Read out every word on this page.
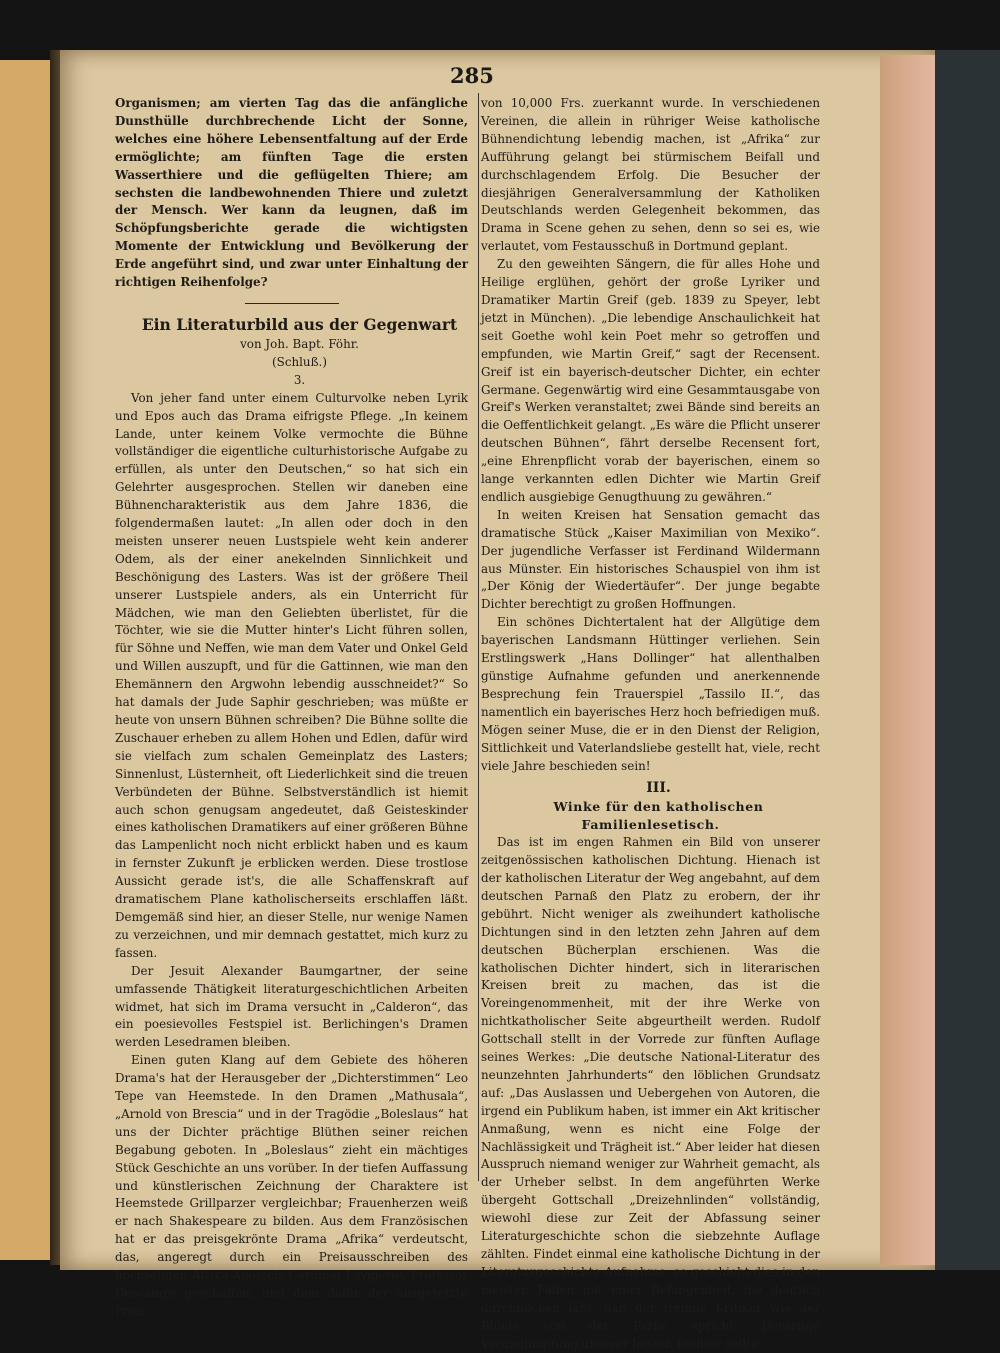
285

Organismen; am vierten Tag das die anfängliche Dunsthülle durchbrechende Licht der Sonne, welches eine höhere Lebensentfaltung auf der Erde ermöglichte; am fünften Tage die ersten Wasserthiere und die geflügelten Thiere; am sechsten die landbewohnenden Thiere und zuletzt der Mensch. Wer kann da leugnen, daß im Schöpfungsberichte gerade die wichtigsten Momente der Entwicklung und Bevölkerung der Erde angeführt sind, und zwar unter Einhaltung der richtigen Reihenfolge?

Ein Literaturbild aus der Gegenwart

von Joh. Bapt. Föhr.

(Schluß.)

3.

Von jeher fand unter einem Culturvolke neben Lyrik und Epos auch das Drama eifrigste Pflege. „In keinem Lande, unter keinem Volke vermochte die Bühne vollständiger die eigentliche culturhistorische Aufgabe zu erfüllen, als unter den Deutschen,“ so hat sich ein Gelehrter ausgesprochen. Stellen wir daneben eine Bühnencharakteristik aus dem Jahre 1836, die folgendermaßen lautet: „In allen oder doch in den meisten unserer neuen Lustspiele weht kein anderer Odem, als der einer anekelnden Sinnlichkeit und Beschönigung des Lasters. Was ist der größere Theil unserer Lustspiele anders, als ein Unterricht für Mädchen, wie man den Geliebten überlistet, für die Töchter, wie sie die Mutter hinter's Licht führen sollen, für Söhne und Neffen, wie man dem Vater und Onkel Geld und Willen auszupft, und für die Gattinnen, wie man den Ehemännern den Argwohn lebendig ausschneidet?“ So hat damals der Jude Saphir geschrieben; was müßte er heute von unsern Bühnen schreiben? Die Bühne sollte die Zuschauer erheben zu allem Hohen und Edlen, dafür wird sie vielfach zum schalen Gemeinplatz des Lasters; Sinnenlust, Lüsternheit, oft Liederlichkeit sind die treuen Verbündeten der Bühne. Selbstverständlich ist hiemit auch schon genugsam angedeutet, daß Geisteskinder eines katholischen Dramatikers auf einer größeren Bühne das Lampenlicht noch nicht erblickt haben und es kaum in fernster Zukunft je erblicken werden. Diese trostlose Aussicht gerade ist's, die alle Schaffenskraft auf dramatischem Plane katholischerseits erschlaffen läßt. Demgemäß sind hier, an dieser Stelle, nur wenige Namen zu verzeichnen, und mir demnach gestattet, mich kurz zu fassen.

Der Jesuit Alexander Baumgartner, der seine umfassende Thätigkeit literaturgeschichtlichen Arbeiten widmet, hat sich im Drama versucht in „Calderon“, das ein poesievolles Festspiel ist. Berlichingen's Dramen werden Lesedramen bleiben.

Einen guten Klang auf dem Gebiete des höheren Drama's hat der Herausgeber der „Dichterstimmen“ Leo Tepe van Heemstede. In den Dramen „Mathusala“, „Arnold von Brescia“ und in der Tragödie „Boleslaus“ hat uns der Dichter prächtige Blüthen seiner reichen Begabung geboten. In „Boleslaus“ zieht ein mächtiges Stück Geschichte an uns vorüber. In der tiefen Auffassung und künstlerischen Zeichnung der Charaktere ist Heemstede Grillparzer vergleichbar; Frauenherzen weiß er nach Shakespeare zu bilden. Aus dem Französischen hat er das preisgekrönte Drama „Afrika“ verdeutscht, das, angeregt durch ein Preisausschreiben des hochseligen Afrika-Apostels Cardinal Lavigerie, Professor Descamps geschaffen, und dem dafür der ausgesetzte Preis

von 10,000 Frs. zuerkannt wurde. In verschiedenen Vereinen, die allein in rühriger Weise katholische Bühnendichtung lebendig machen, ist „Afrika“ zur Aufführung gelangt bei stürmischem Beifall und durchschlagendem Erfolg. Die Besucher der diesjährigen Generalversammlung der Katholiken Deutschlands werden Gelegenheit bekommen, das Drama in Scene gehen zu sehen, denn so sei es, wie verlautet, vom Festausschuß in Dortmund geplant.

Zu den geweihten Sängern, die für alles Hohe und Heilige erglühen, gehört der große Lyriker und Dramatiker Martin Greif (geb. 1839 zu Speyer, lebt jetzt in München). „Die lebendige Anschaulichkeit hat seit Goethe wohl kein Poet mehr so getroffen und empfunden, wie Martin Greif,“ sagt der Recensent. Greif ist ein bayerisch-deutscher Dichter, ein echter Germane. Gegenwärtig wird eine Gesammtausgabe von Greif's Werken veranstaltet; zwei Bände sind bereits an die Oeffentlichkeit gelangt. „Es wäre die Pflicht unserer deutschen Bühnen“, fährt derselbe Recensent fort, „eine Ehrenpflicht vorab der bayerischen, einem so lange verkannten edlen Dichter wie Martin Greif endlich ausgiebige Genugthuung zu gewähren.“

In weiten Kreisen hat Sensation gemacht das dramatische Stück „Kaiser Maximilian von Mexiko“. Der jugendliche Verfasser ist Ferdinand Wildermann aus Münster. Ein historisches Schauspiel von ihm ist „Der König der Wiedertäufer“. Der junge begabte Dichter berechtigt zu großen Hoffnungen.

Ein schönes Dichtertalent hat der Allgütige dem bayerischen Landsmann Hüttinger verliehen. Sein Erstlingswerk „Hans Dollinger“ hat allenthalben günstige Aufnahme gefunden und anerkennende Besprechung fein Trauerspiel „Tassilo II.“, das namentlich ein bayerisches Herz hoch befriedigen muß. Mögen seiner Muse, die er in den Dienst der Religion, Sittlichkeit und Vaterlandsliebe gestellt hat, viele, recht viele Jahre beschieden sein!

III.

Winke für den katholischen Familienlesetisch.

Das ist im engen Rahmen ein Bild von unserer zeitgenössischen katholischen Dichtung. Hienach ist der katholischen Literatur der Weg angebahnt, auf dem deutschen Parnaß den Platz zu erobern, der ihr gebührt. Nicht weniger als zweihundert katholische Dichtungen sind in den letzten zehn Jahren auf dem deutschen Bücherplan erschienen. Was die katholischen Dichter hindert, sich in literarischen Kreisen breit zu machen, das ist die Voreingenommenheit, mit der ihre Werke von nichtkatholischer Seite abgeurtheilt werden. Rudolf Gottschall stellt in der Vorrede zur fünften Auflage seines Werkes: „Die deutsche National-Literatur des neunzehnten Jahrhunderts“ den löblichen Grundsatz auf: „Das Auslassen und Uebergehen von Autoren, die irgend ein Publikum haben, ist immer ein Akt kritischer Anmaßung, wenn es nicht eine Folge der Nachlässigkeit und Trägheit ist.“ Aber leider hat diesen Ausspruch niemand weniger zur Wahrheit gemacht, als der Urheber selbst. In dem angeführten Werke übergeht Gottschall „Dreizehnlinden“ vollständig, wiewohl diese zur Zeit der Abfassung seiner Literaturgeschichte schon die siebzehnte Auflage zählten. Findet einmal eine katholische Dichtung in der Literaturgeschichte Aufnahme, so geschieht dies in den meisten Fällen mit einer Befangenheit, die deutlich durchblicken läßt, daß der fremde Kritiker wie der Blinde von der Farbe spricht. Derartige Verunglimpfung unserer besten Dichter sollte
